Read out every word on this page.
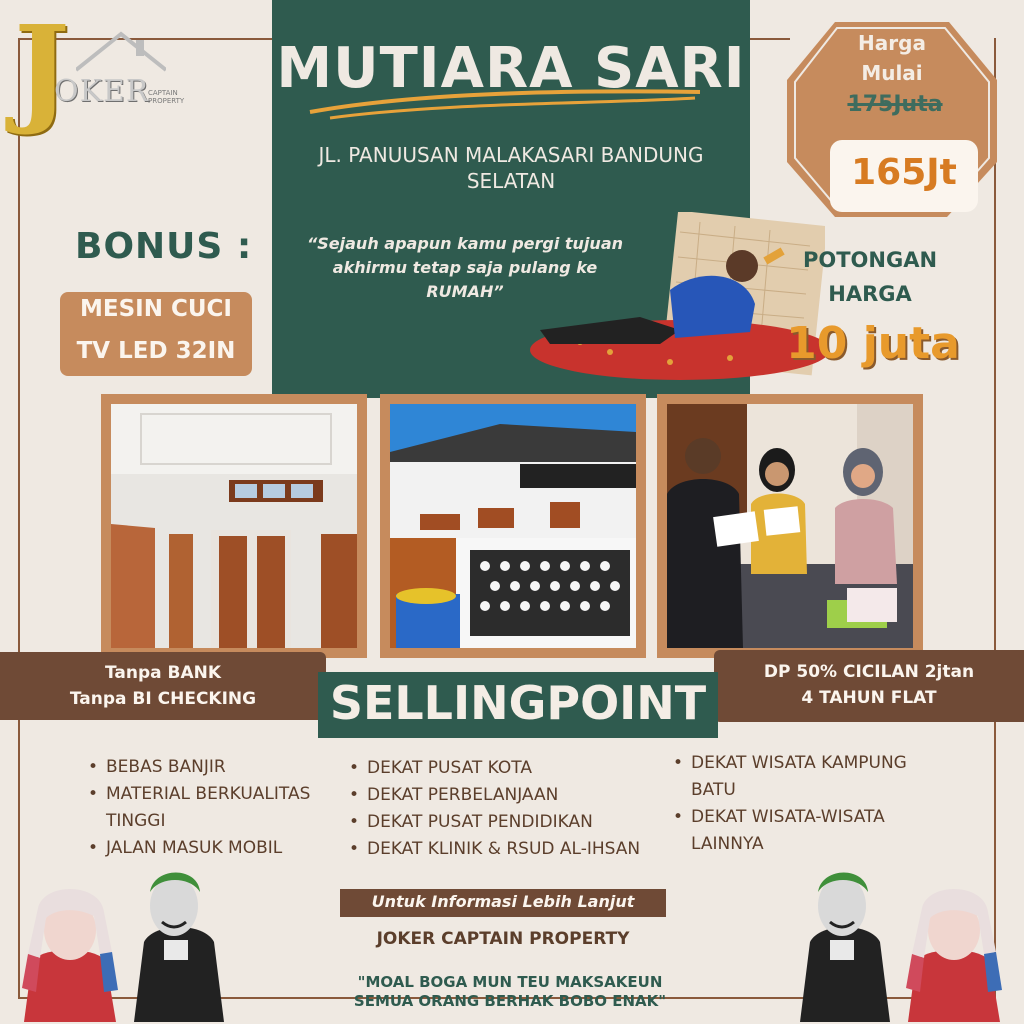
J
OKER
CAPTAIN PROPERTY	MUTIARA SARI
JL. PANUUSAN MALAKASARI BANDUNG
SELATAN
“Sejauh apapun kamu pergi tujuan
akhirmu tetap saja pulang ke
RUMAH”
Harga
Mulai
175Juta
165Jt
BONUS :
MESIN CUCI
TV LED 32IN
POTONGAN
HARGA
10 juta
Tanpa BANK
Tanpa BI CHECKING
DP 50% CICILAN 2jtan
4 TAHUN FLAT
SELLINGPOINT
• BEBAS BANJIR
• MATERIAL BERKUALITAS
TINGGI
• JALAN MASUK MOBIL
• DEKAT PUSAT KOTA
• DEKAT PERBELANJAAN
• DEKAT PUSAT PENDIDIKAN
• DEKAT KLINIK & RSUD AL-IHSAN
• DEKAT WISATA KAMPUNG
BATU
• DEKAT WISATA-WISATA
LAINNYA
Untuk Informasi Lebih Lanjut
JOKER CAPTAIN PROPERTY
"MOAL BOGA MUN TEU MAKSAKEUN
SEMUA ORANG BERHAK BOBO ENAK"
